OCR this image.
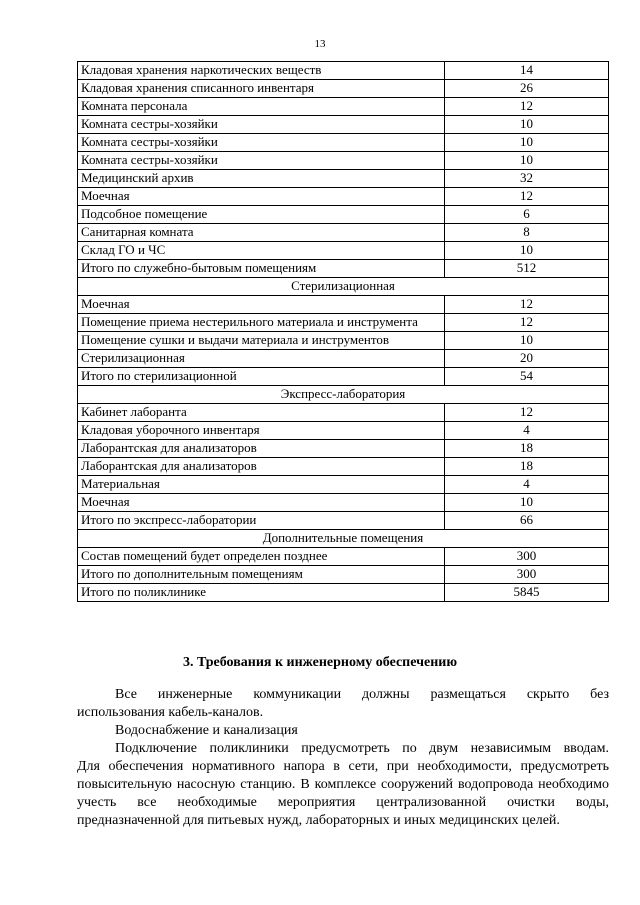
13
Кладовая хранения наркотических веществ	14
Кладовая хранения списанного инвентаря	26
Комната персонала	12
Комната сестры-хозяйки	10
Комната сестры-хозяйки	10
Комната сестры-хозяйки	10
Медицинский архив	32
Моечная	12
Подсобное помещение	6
Санитарная комната	8
Склад ГО и ЧС	10
Итого по служебно-бытовым помещениям	512
Стерилизационная	
Моечная	12
Помещение приема нестерильного материала и инструмента	12
Помещение сушки и выдачи материала и инструментов	10
Стерилизационная	20
Итого по стерилизационной	54
Экспресс-лаборатория	
Кабинет лаборанта	12
Кладовая уборочного инвентаря	4
Лаборантская для анализаторов	18
Лаборантская для анализаторов	18
Материальная	4
Моечная	10
Итого по экспресс-лаборатории	66
Дополнительные помещения	
Состав помещений будет определен позднее	300
Итого по дополнительным помещениям	300
Итого по поликлинике	5845
3. Требования к инженерному обеспечению
Все инженерные коммуникации должны размещаться скрыто без
использования кабель-каналов.
Водоснабжение и канализация
Подключение поликлиники предусмотреть по двум независимым вводам.
Для обеспечения нормативного напора в сети, при необходимости, предусмотреть повысительную насосную станцию. В комплексе сооружений водопровода необходимо учесть все необходимые мероприятия централизованной очистки воды, предназначенной для питьевых нужд, лабораторных и иных медицинских целей.
